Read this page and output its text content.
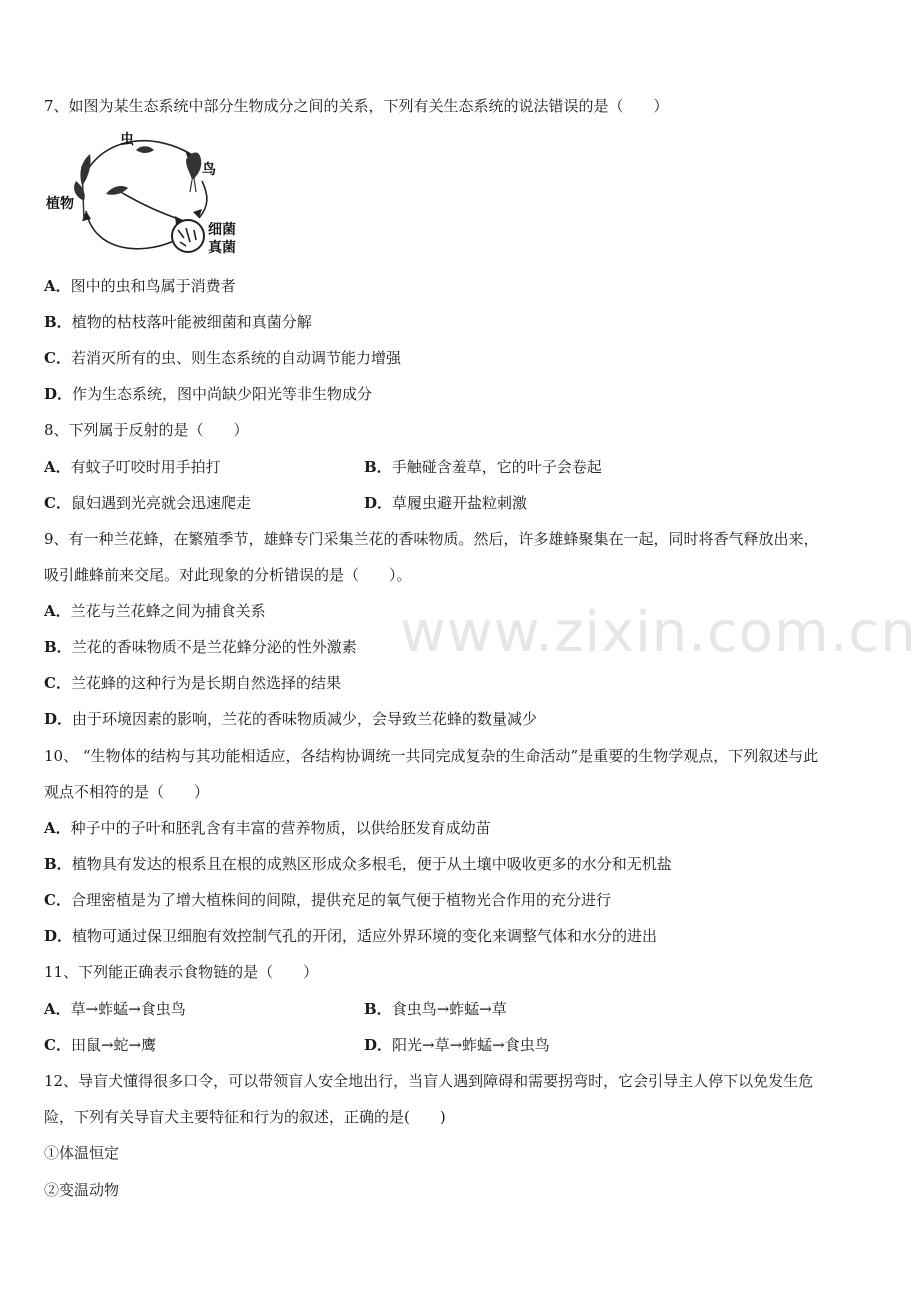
www.zixin.com.cn
7、如图为某生态系统中部分生物成分之间的关系，下列有关生态系统的说法错误的是（　　）
虫
鸟
植物
细菌
真菌
A．图中的虫和鸟属于消费者
B．植物的枯枝落叶能被细菌和真菌分解
C．若消灭所有的虫、则生态系统的自动调节能力增强
D．作为生态系统，图中尚缺少阳光等非生物成分
8、下列属于反射的是（　　）
A．有蚊子叮咬时用手拍打	B．手触碰含羞草，它的叶子会卷起
C．鼠妇遇到光亮就会迅速爬走	D．草履虫避开盐粒刺激
9、有一种兰花蜂，在繁殖季节，雄蜂专门采集兰花的香味物质。然后，许多雄蜂聚集在一起，同时将香气释放出来，
吸引雌蜂前来交尾。对此现象的分析错误的是（　　）。
A．兰花与兰花蜂之间为捕食关系
B．兰花的香味物质不是兰花蜂分泌的性外激素
C．兰花蜂的这种行为是长期自然选择的结果
D．由于环境因素的影响，兰花的香味物质减少，会导致兰花蜂的数量减少
10、 “生物体的结构与其功能相适应，各结构协调统一共同完成复杂的生命活动”是重要的生物学观点，下列叙述与此
观点不相符的是（　　）
A．种子中的子叶和胚乳含有丰富的营养物质，以供给胚发育成幼苗
B．植物具有发达的根系且在根的成熟区形成众多根毛，便于从土壤中吸收更多的水分和无机盐
C．合理密植是为了增大植株间的间隙，提供充足的氧气便于植物光合作用的充分进行
D．植物可通过保卫细胞有效控制气孔的开闭，适应外界环境的变化来调整气体和水分的进出
11、下列能正确表示食物链的是（　　）
A．草→蚱蜢→食虫鸟	B．食虫鸟→蚱蜢→草
C．田鼠→蛇→鹰	D．阳光→草→蚱蜢→食虫鸟
12、导盲犬懂得很多口令，可以带领盲人安全地出行，当盲人遇到障碍和需要拐弯时，它会引导主人停下以免发生危
险，下列有关导盲犬主要特征和行为的叙述，正确的是(　　)
①体温恒定
②变温动物
